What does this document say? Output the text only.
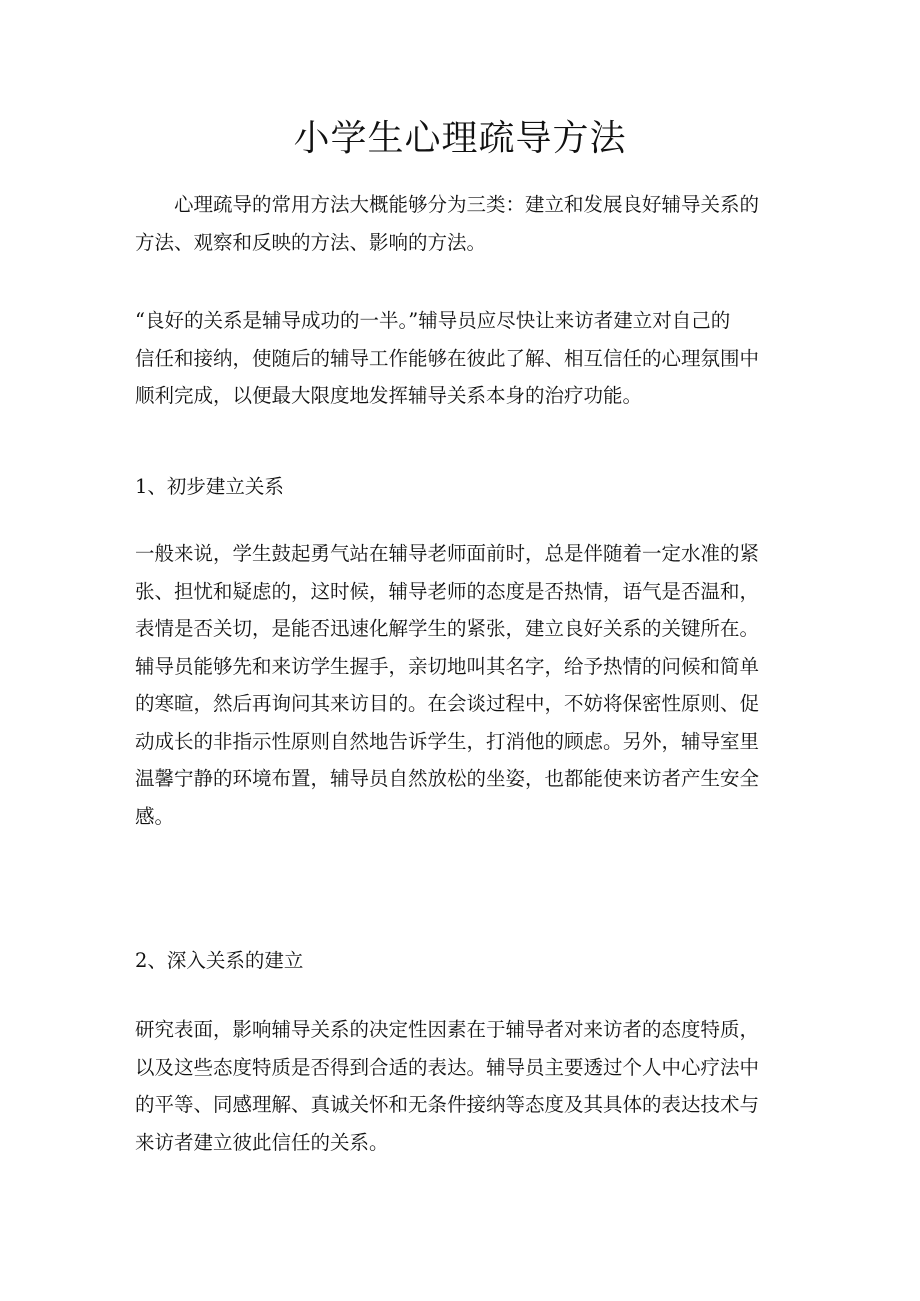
小学生心理疏导方法

心理疏导的常用方法大概能够分为三类：建立和发展良好辅导关系的
方法、观察和反映的方法、影响的方法。

“良好的关系是辅导成功的一半。”辅导员应尽快让来访者建立对自己的
信任和接纳，使随后的辅导工作能够在彼此了解、相互信任的心理氛围中
顺利完成，以便最大限度地发挥辅导关系本身的治疗功能。

1、初步建立关系

一般来说，学生鼓起勇气站在辅导老师面前时，总是伴随着一定水准的紧
张、担忧和疑虑的，这时候，辅导老师的态度是否热情，语气是否温和，
表情是否关切，是能否迅速化解学生的紧张，建立良好关系的关键所在。
辅导员能够先和来访学生握手，亲切地叫其名字，给予热情的问候和简单
的寒暄，然后再询问其来访目的。在会谈过程中，不妨将保密性原则、促
动成长的非指示性原则自然地告诉学生，打消他的顾虑。另外，辅导室里
温馨宁静的环境布置，辅导员自然放松的坐姿，也都能使来访者产生安全
感。

2、深入关系的建立

研究表面，影响辅导关系的决定性因素在于辅导者对来访者的态度特质，
以及这些态度特质是否得到合适的表达。辅导员主要透过个人中心疗法中
的平等、同感理解、真诚关怀和无条件接纳等态度及其具体的表达技术与
来访者建立彼此信任的关系。
